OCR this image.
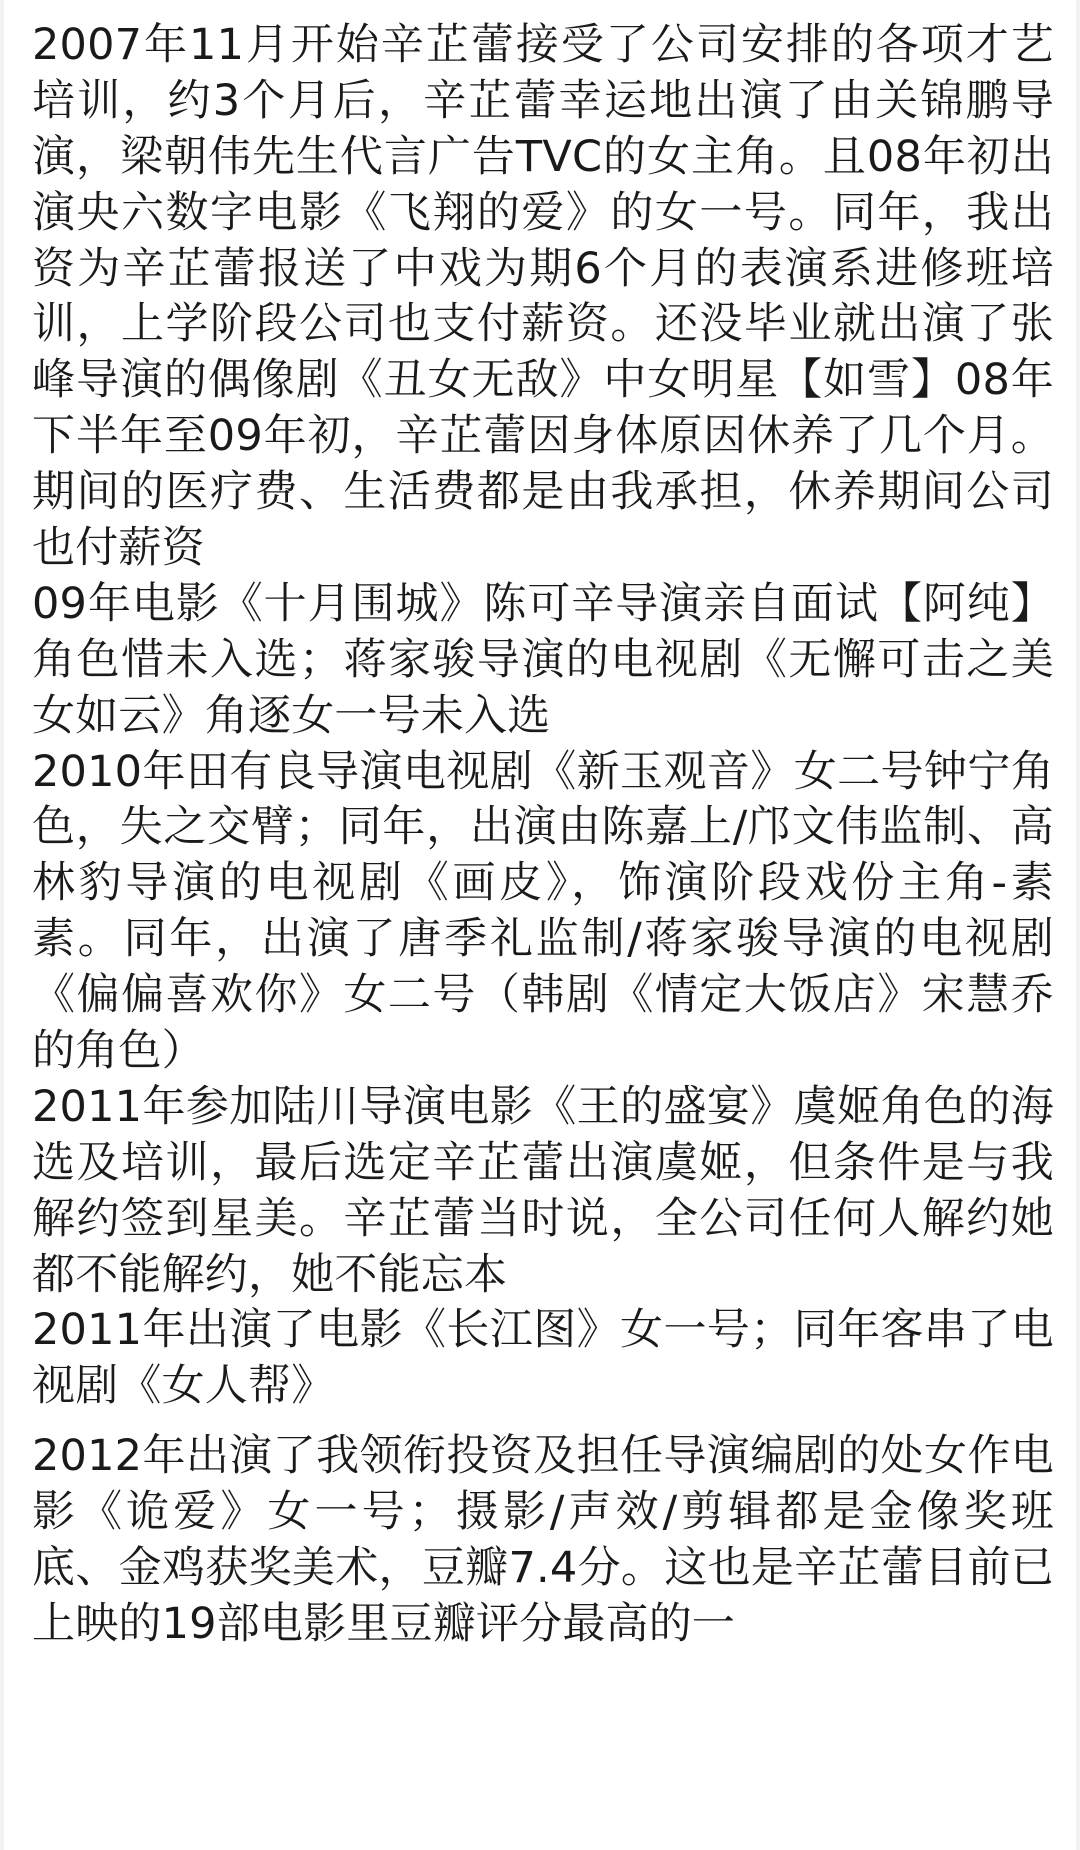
2007年11月开始辛芷蕾接受了公司安排的各项才艺培训，约3个月后，辛芷蕾幸运地出演了由关锦鹏导演，梁朝伟先生代言广告TVC的女主角。且08年初出演央六数字电影《飞翔的爱》的女一号。同年，我出资为辛芷蕾报送了中戏为期6个月的表演系进修班培训，上学阶段公司也支付薪资。还没毕业就出演了张峰导演的偶像剧《丑女无敌》中女明星【如雪】08年下半年至09年初，辛芷蕾因身体原因休养了几个月。期间的医疗费、生活费都是由我承担，休养期间公司也付薪资

09年电影《十月围城》陈可辛导演亲自面试【阿纯】角色惜未入选；蒋家骏导演的电视剧《无懈可击之美女如云》角逐女一号未入选

2010年田有良导演电视剧《新玉观音》女二号钟宁角色，失之交臂；同年，出演由陈嘉上/邝文伟监制、高林豹导演的电视剧《画皮》，饰演阶段戏份主角-素素。同年，出演了唐季礼监制/蒋家骏导演的电视剧《偏偏喜欢你》女二号（韩剧《情定大饭店》宋慧乔的角色）

2011年参加陆川导演电影《王的盛宴》虞姬角色的海选及培训，最后选定辛芷蕾出演虞姬，但条件是与我解约签到星美。辛芷蕾当时说，全公司任何人解约她都不能解约，她不能忘本

2011年出演了电影《长江图》女一号；同年客串了电视剧《女人帮》

2012年出演了我领衔投资及担任导演编剧的处女作电影《诡爱》女一号；摄影/声效/剪辑都是金像奖班底、金鸡获奖美术，豆瓣7.4分。这也是辛芷蕾目前已上映的19部电影里豆瓣评分最高的一
